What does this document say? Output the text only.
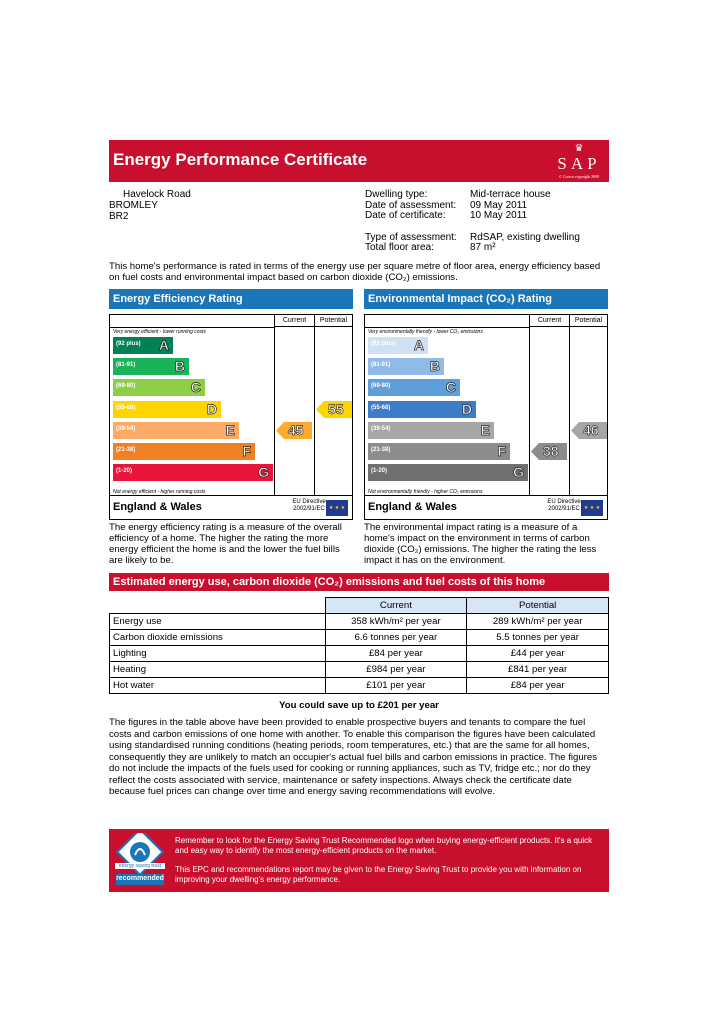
Energy Performance Certificate
♛
SAP
© Crown copyright 2009
Havelock Road
BROMLEY
BR2
Dwelling type:	Mid-terrace house
Date of assessment: 09 May 2011
Date of certificate: 10 May 2011
Type of assessment: RdSAP, existing dwelling
Total floor area:	87 m²
This home's performance is rated in terms of the energy use per square metre of floor area, energy efficiency based on fuel costs and environmental impact based on carbon dioxide (CO₂) emissions.
Energy Efficiency Rating
Current	Potential
Very energy efficient - lower running costs
(92 plus) A
(81-91)	B
(69-80)	C
(55-68)	D
(39-54)	E
(21-38)	F
(1-20)	G
45
55
Not energy efficient - higher running costs
England & Wales	EU Directive
2002/91/EC ★ ★ ★
Environmental Impact (CO₂) Rating
Current	Potential
Very environmentally friendly - lower CO₂ emissions
(92 plus) A
(81-91)	B
(69-80)	C
(55-68)	D
(39-54)	E
(21-38)	F
(1-20)	G
38
46
Not environmentally friendly - higher CO₂ emissions
England & Wales	EU Directive
2002/91/EC ★ ★ ★
The energy efficiency rating is a measure of the overall efficiency of a home. The higher the rating the more energy efficient the home is and the lower the fuel bills are likely to be.
The environmental impact rating is a measure of a home's impact on the environment in terms of carbon dioxide (CO₂) emissions. The higher the rating the less impact it has on the environment.
Estimated energy use, carbon dioxide (CO₂) emissions and fuel costs of this home
	Current	Potential
Energy use	358 kWh/m² per year	289 kWh/m² per year
Carbon dioxide emissions	6.6 tonnes per year	5.5 tonnes per year
Lighting	£84 per year	£44 per year
Heating	£984 per year	£841 per year
Hot water	£101 per year	£84 per year
You could save up to £201 per year
The figures in the table above have been provided to enable prospective buyers and tenants to compare the fuel costs and carbon emissions of one home with another. To enable this comparison the figures have been calculated using standardised running conditions (heating periods, room temperatures, etc.) that are the same for all homes, consequently they are unlikely to match an occupier's actual fuel bills and carbon emissions in practice. The figures do not include the impacts of the fuels used for cooking or running appliances, such as TV, fridge etc.; nor do they reflect the costs associated with service, maintenance or safety inspections. Always check the certificate date because fuel prices can change over time and energy saving recommendations will evolve.
energy saving trust
recommended
Remember to look for the Energy Saving Trust Recommended logo when buying energy-efficient products. It's a quick and easy way to identify the most energy-efficient products on the market.
This EPC and recommendations report may be given to the Energy Saving Trust to provide you with information on improving your dwelling's energy performance.
